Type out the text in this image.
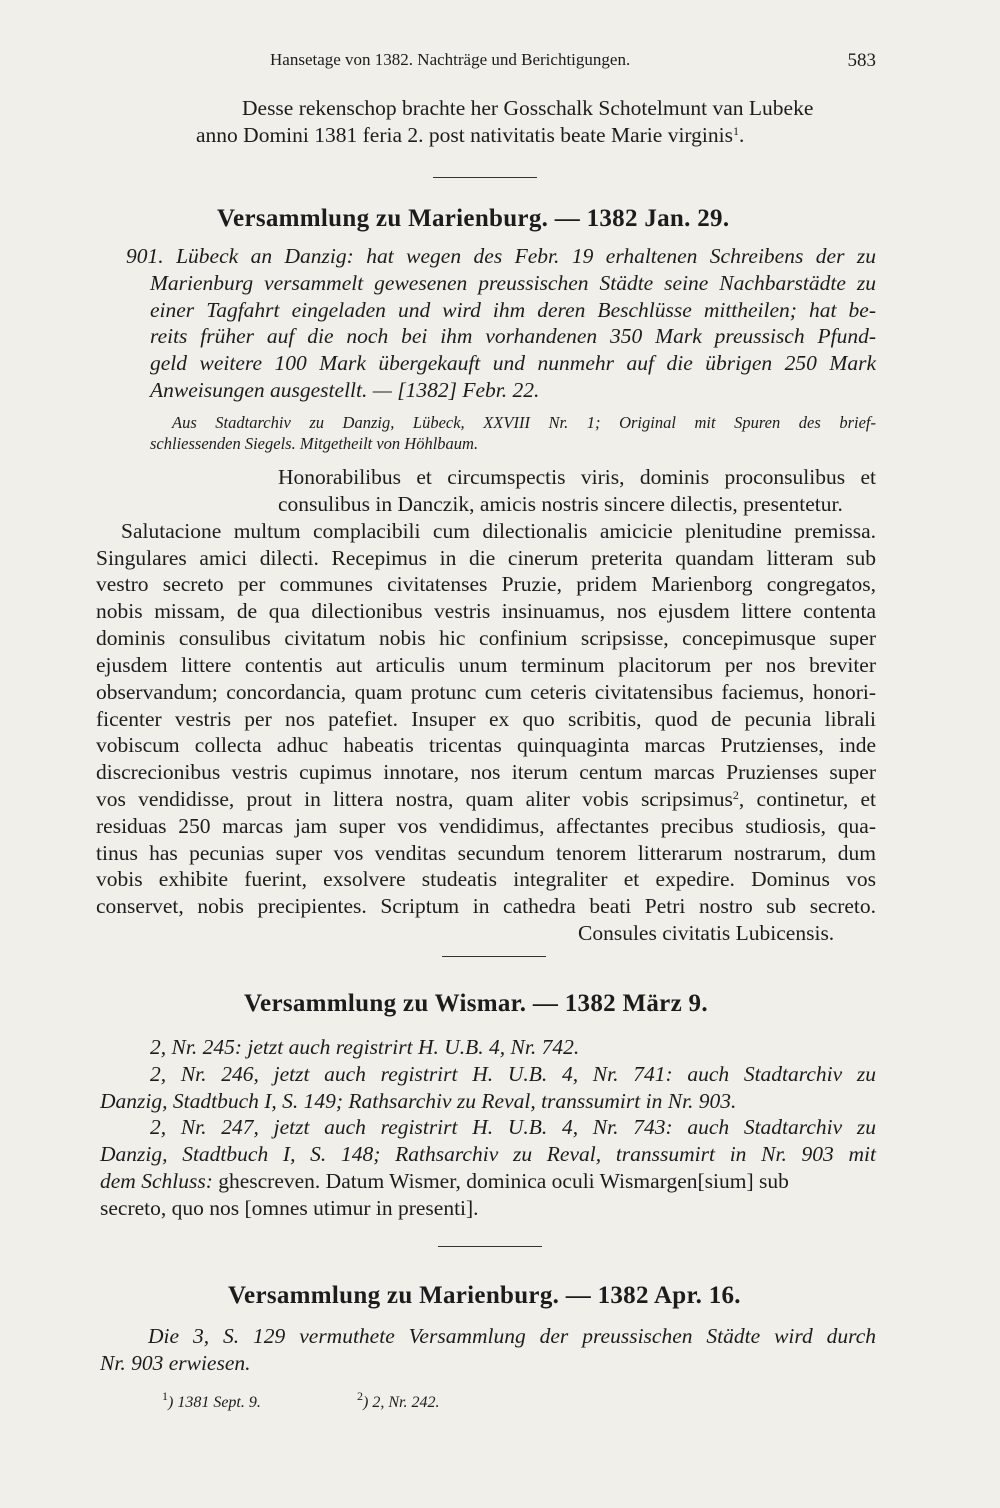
Hansetage von 1382. Nachträge und Berichtigungen.	583
Desse rekenschop brachte her Gosschalk Schotelmunt van Lubeke
anno Domini 1381 feria 2. post nativitatis beate Marie virginis$^1$.
Versammlung zu Marienburg. — 1382 Jan. 29.
901. Lübeck an Danzig: hat wegen des Febr. 19 erhaltenen Schreibens der zu
Marienburg versammelt gewesenen preussischen Städte seine Nachbarstädte zu
einer Tagfahrt eingeladen und wird ihm deren Beschlüsse mittheilen; hat be-
reits früher auf die noch bei ihm vorhandenen 350 Mark preussisch Pfund-
geld weitere 100 Mark übergekauft und nunmehr auf die übrigen 250 Mark
Anweisungen ausgestellt. — [1382] Febr. 22.
Aus Stadtarchiv zu Danzig, Lübeck, XXVIII Nr. 1; Original mit Spuren des brief-
schliessenden Siegels. Mitgetheilt von Höhlbaum.
Honorabilibus et circumspectis viris, dominis proconsulibus et
consulibus in Danczik, amicis nostris sincere dilectis, presentetur.
Salutacione multum complacibili cum dilectionalis amicicie plenitudine premissa.
Singulares amici dilecti. Recepimus in die cinerum preterita quandam litteram sub
vestro secreto per communes civitatenses Pruzie, pridem Marienborg congregatos,
nobis missam, de qua dilectionibus vestris insinuamus, nos ejusdem littere contenta
dominis consulibus civitatum nobis hic confinium scripsisse, concepimusque super
ejusdem littere contentis aut articulis unum terminum placitorum per nos breviter
observandum; concordancia, quam protunc cum ceteris civitatensibus faciemus, honori-
ficenter vestris per nos patefiet. Insuper ex quo scribitis, quod de pecunia librali
vobiscum collecta adhuc habeatis tricentas quinquaginta marcas Prutzienses, inde
discrecionibus vestris cupimus innotare, nos iterum centum marcas Pruzienses super
vos vendidisse, prout in littera nostra, quam aliter vobis scripsimus$^2$, continetur, et
residuas 250 marcas jam super vos vendidimus, affectantes precibus studiosis, qua-
tinus has pecunias super vos venditas secundum tenorem litterarum nostrarum, dum
vobis exhibite fuerint, exsolvere studeatis integraliter et expedire. Dominus vos
conservet, nobis precipientes. Scriptum in cathedra beati Petri nostro sub secreto.
Consules civitatis Lubicensis.
Versammlung zu Wismar. — 1382 März 9.
2, Nr. 245: jetzt auch registrirt H. U.B. 4, Nr. 742.
2, Nr. 246, jetzt auch registrirt H. U.B. 4, Nr. 741: auch Stadtarchiv zu
Danzig, Stadtbuch I, S. 149; Rathsarchiv zu Reval, transsumirt in Nr. 903.
2, Nr. 247, jetzt auch registrirt H. U.B. 4, Nr. 743: auch Stadtarchiv zu
Danzig, Stadtbuch I, S. 148; Rathsarchiv zu Reval, transsumirt in Nr. 903 mit
dem Schluss: ghescreven. Datum Wismer, dominica oculi Wismargen[sium] sub
secreto, quo nos [omnes utimur in presenti].
Versammlung zu Marienburg. — 1382 Apr. 16.
Die 3, S. 129 vermuthete Versammlung der preussischen Städte wird durch
Nr. 903 erwiesen.
$^1$) 1381 Sept. 9.	$^2$) 2, Nr. 242.
